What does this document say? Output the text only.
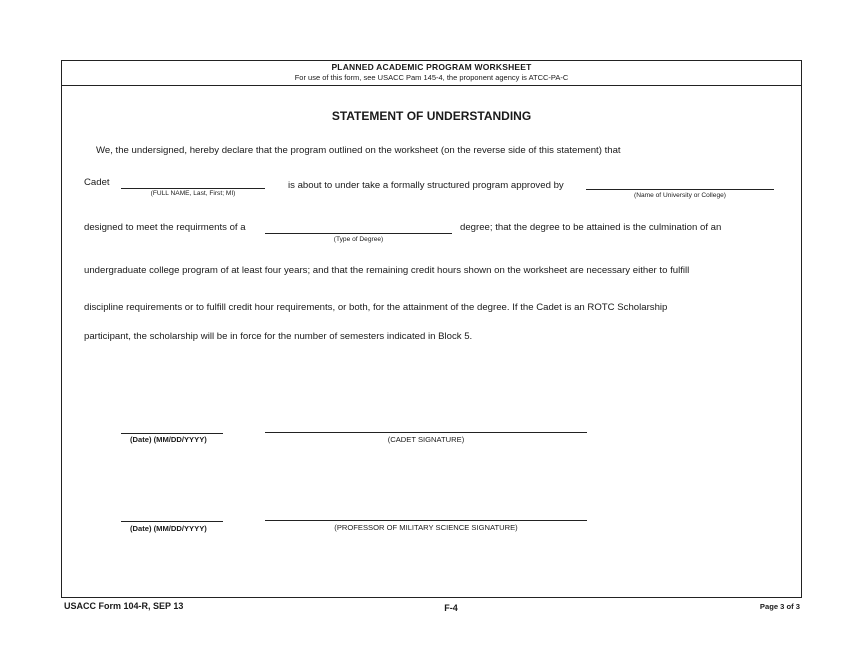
PLANNED ACADEMIC PROGRAM WORKSHEET
For use of this form, see USACC Pam 145-4, the proponent agency is ATCC-PA-C
STATEMENT OF UNDERSTANDING
We, the undersigned, hereby declare that the program outlined on the worksheet (on the reverse side of this statement) that
Cadet
(FULL NAME, Last, First; MI)
is about to under take a formally structured program approved by
(Name of University or College)
designed to meet the requirments of a
(Type of Degree)
degree; that the degree to be attained is the culmination of an
undergraduate college program of at least four years; and that the remaining credit hours shown on the worksheet are necessary either to fulfill
discipline requirements or to fulfill credit hour requirements, or both, for the attainment of the degree. If the Cadet is an ROTC Scholarship
participant, the scholarship will be in force for the number of semesters indicated in Block 5.
(Date) (MM/DD/YYYY)	(CADET SIGNATURE)
(Date) (MM/DD/YYYY)	(PROFESSOR OF MILITARY SCIENCE SIGNATURE)
USACC Form 104-R, SEP 13	F-4	Page 3 of 3
